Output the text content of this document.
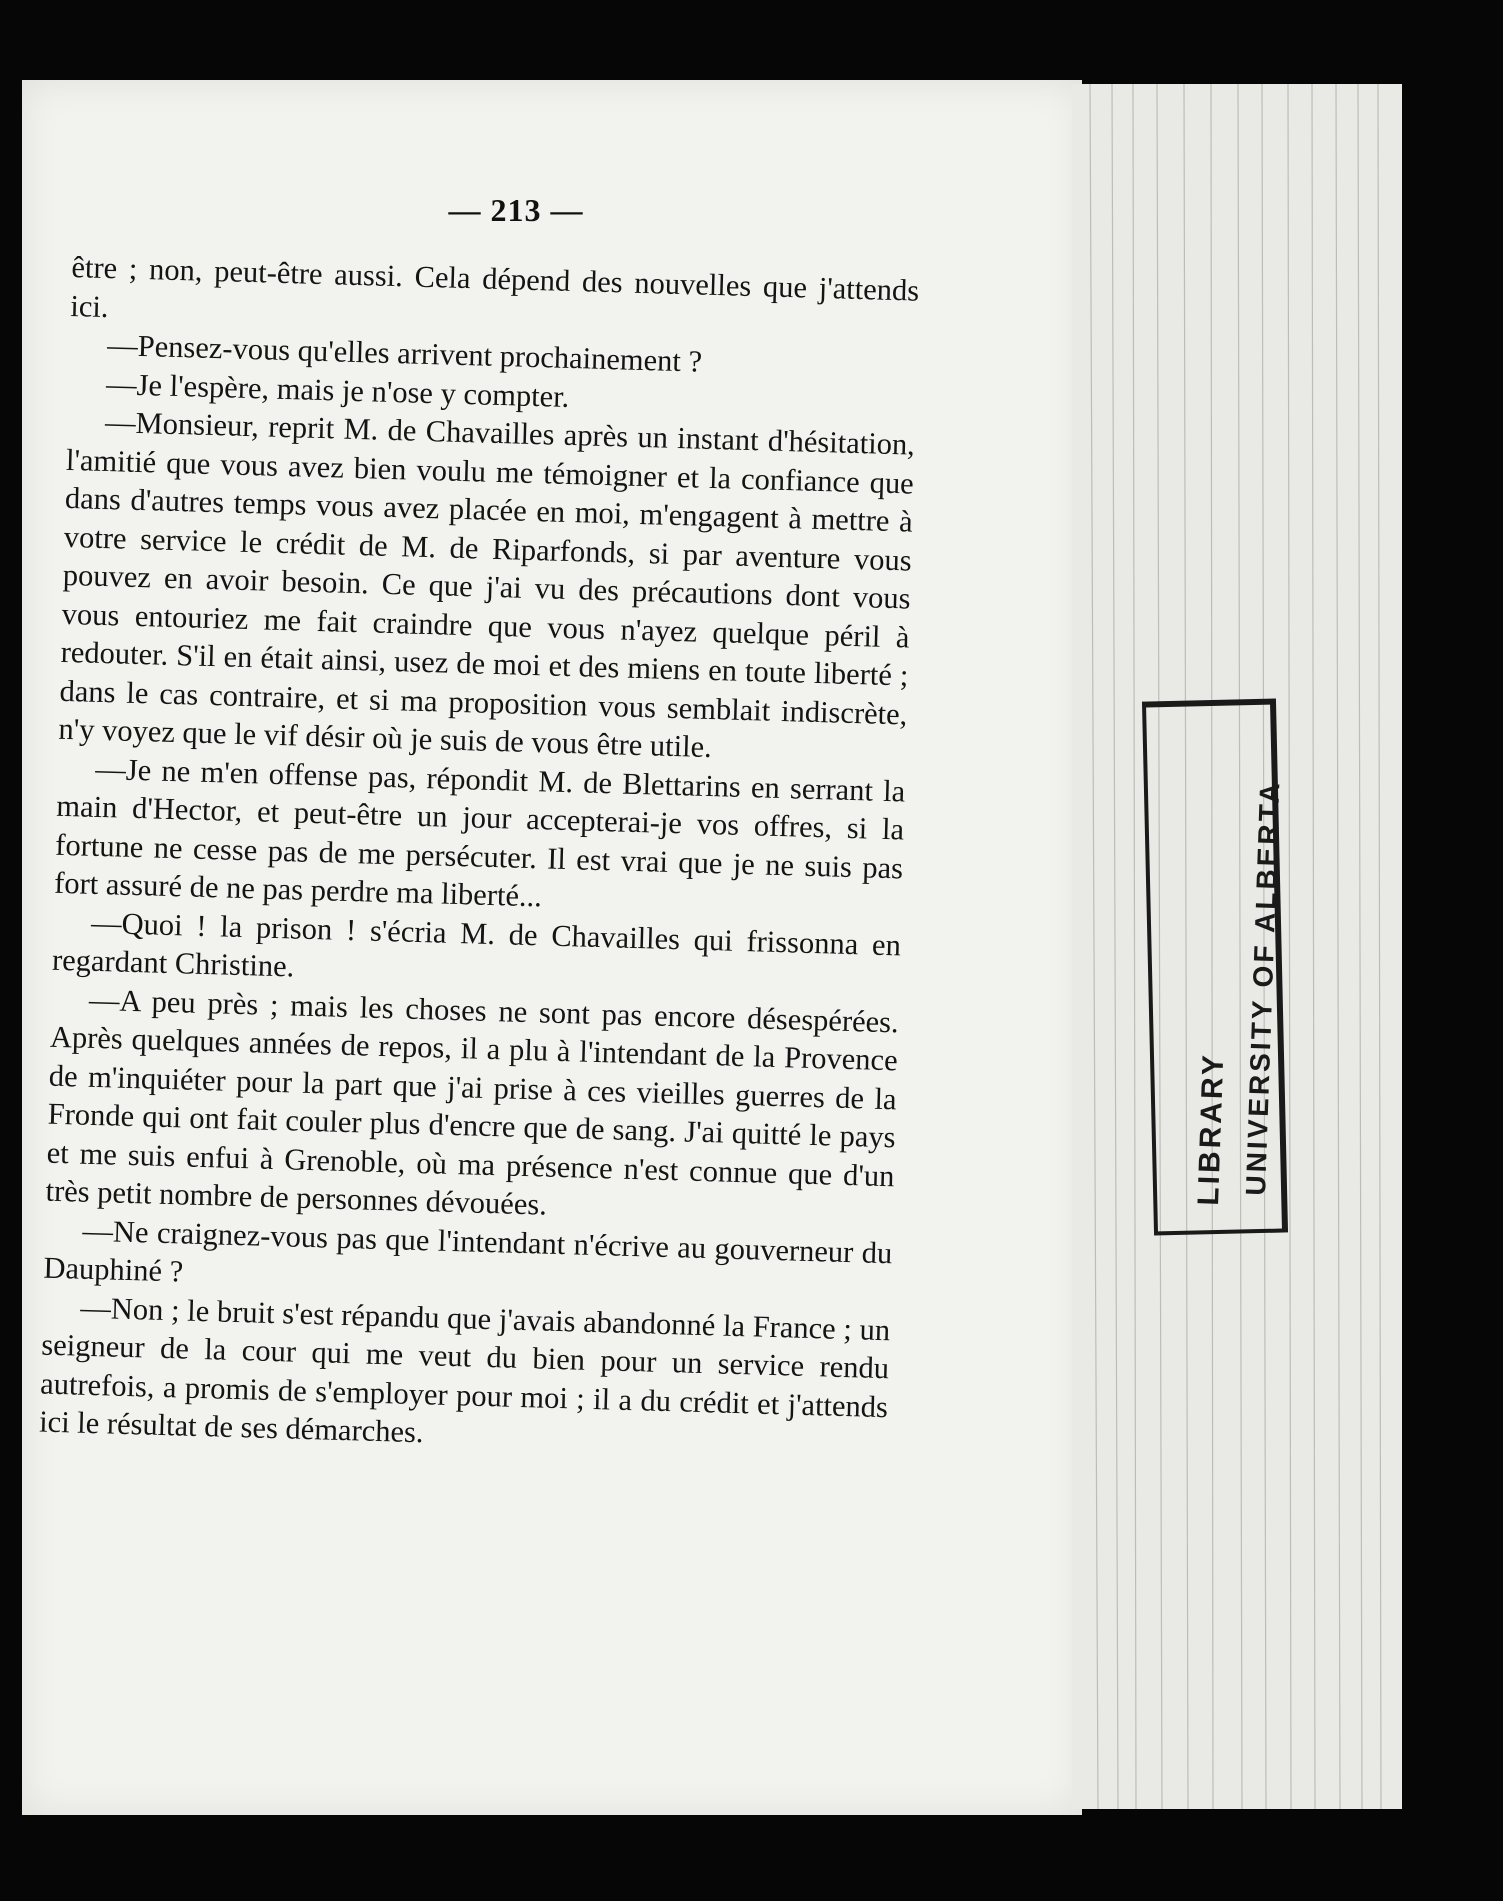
— 213 —

être ; non, peut-être aussi. Cela dépend des nouvelles que j'attends ici.

—Pensez-vous qu'elles arrivent prochainement ?

—Je l'espère, mais je n'ose y compter.

—Monsieur, reprit M. de Chavailles après un instant d'hésitation, l'amitié que vous avez bien voulu me témoigner et la confiance que dans d'autres temps vous avez placée en moi, m'engagent à mettre à votre service le crédit de M. de Riparfonds, si par aventure vous pouvez en avoir besoin. Ce que j'ai vu des précautions dont vous vous entouriez me fait craindre que vous n'ayez quelque péril à redouter. S'il en était ainsi, usez de moi et des miens en toute liberté ; dans le cas contraire, et si ma proposition vous semblait indiscrète, n'y voyez que le vif désir où je suis de vous être utile.

—Je ne m'en offense pas, répondit M. de Blettarins en serrant la main d'Hector, et peut-être un jour accepterai-je vos offres, si la fortune ne cesse pas de me persécuter. Il est vrai que je ne suis pas fort assuré de ne pas perdre ma liberté...

—Quoi ! la prison ! s'écria M. de Chavailles qui frissonna en regardant Christine.

—A peu près ; mais les choses ne sont pas encore désespérées. Après quelques années de repos, il a plu à l'intendant de la Provence de m'inquiéter pour la part que j'ai prise à ces vieilles guerres de la Fronde qui ont fait couler plus d'encre que de sang. J'ai quitté le pays et me suis enfui à Grenoble, où ma présence n'est connue que d'un très petit nombre de personnes dévouées.

—Ne craignez-vous pas que l'intendant n'écrive au gouverneur du Dauphiné ?

—Non ; le bruit s'est répandu que j'avais abandonné la France ; un seigneur de la cour qui me veut du bien pour un service rendu autrefois, a promis de s'employer pour moi ; il a du crédit et j'attends ici le résultat de ses démarches.

LIBRARY UNIVERSITY OF ALBERTA
